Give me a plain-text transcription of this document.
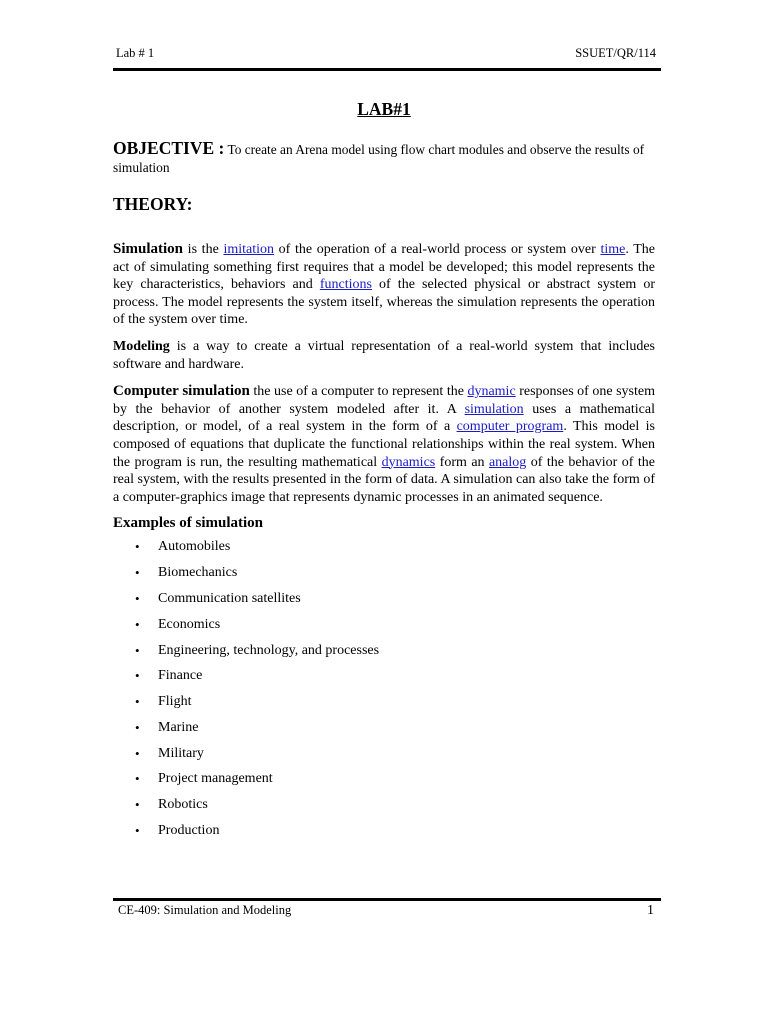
Lab # 1	SSUET/QR/114
LAB#1

OBJECTIVE : To create an Arena model using flow chart modules and observe the results of simulation

THEORY:

Simulation is the imitation of the operation of a real-world process or system over time. The act of simulating something first requires that a model be developed; this model represents the key characteristics, behaviors and functions of the selected physical or abstract system or process. The model represents the system itself, whereas the simulation represents the operation of the system over time.

Modeling is a way to create a virtual representation of a real-world system that includes software and hardware.

Computer simulation the use of a computer to represent the dynamic responses of one system by the behavior of another system modeled after it. A simulation uses a mathematical description, or model, of a real system in the form of a computer program. This model is composed of equations that duplicate the functional relationships within the real system. When the program is run, the resulting mathematical dynamics form an analog of the behavior of the real system, with the results presented in the form of data. A simulation can also take the form of a computer-graphics image that represents dynamic processes in an animated sequence.

Examples of simulation
• Automobiles
• Biomechanics
• Communication satellites
• Economics
• Engineering, technology, and processes
• Finance
• Flight
• Marine
• Military
• Project management
• Robotics
• Production
CE-409: Simulation and Modeling	1
